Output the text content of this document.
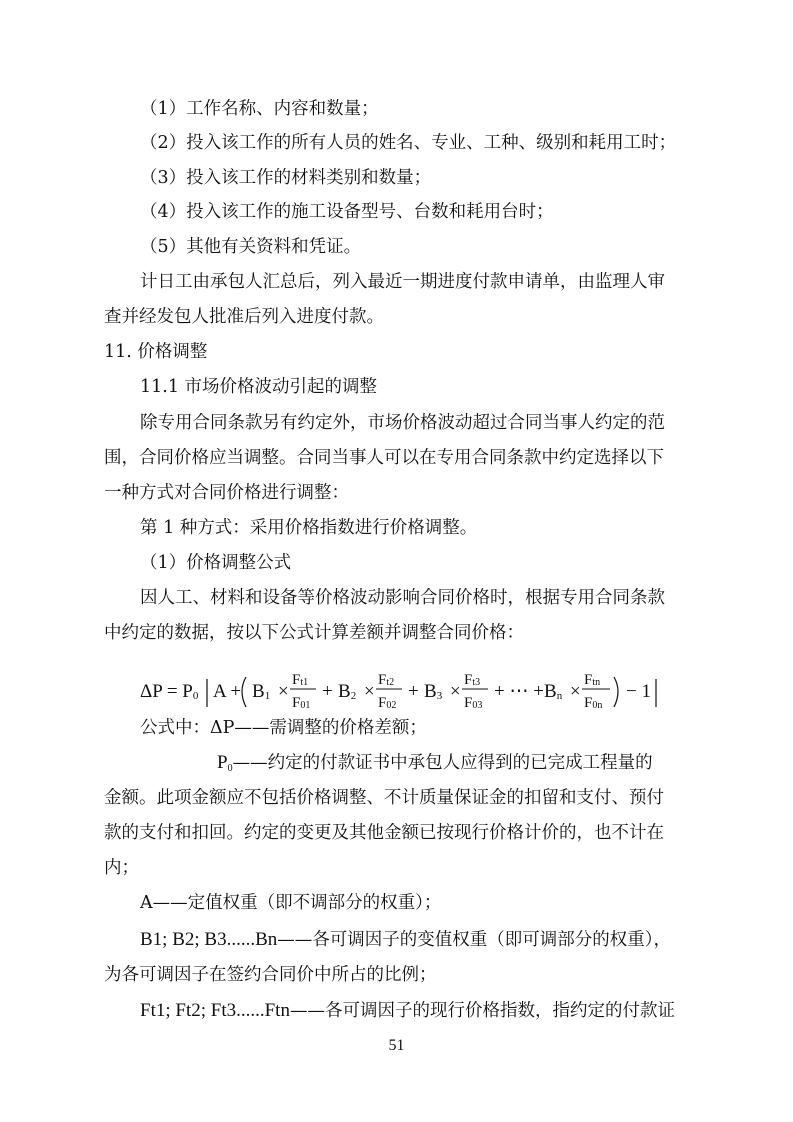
（1）工作名称、内容和数量；
（2）投入该工作的所有人员的姓名、专业、工种、级别和耗用工时；
（3）投入该工作的材料类别和数量；
（4）投入该工作的施工设备型号、台数和耗用台时；
（5）其他有关资料和凭证。
计日工由承包人汇总后，列入最近一期进度付款申请单，由监理人审
查并经发包人批准后列入进度付款。
11. 价格调整
11.1 市场价格波动引起的调整
除专用合同条款另有约定外，市场价格波动超过合同当事人约定的范
围，合同价格应当调整。合同当事人可以在专用合同条款中约定选择以下
一种方式对合同价格进行调整：
第 1 种方式：采用价格指数进行价格调整。
（1）价格调整公式
因人工、材料和设备等价格波动影响合同价格时，根据专用合同条款
中约定的数据，按以下公式计算差额并调整合同价格：
ΔP = P0 A + B1 ×
Ft1
F01
+ B2 ×
Ft2
F02
+ B3 ×
Ft3
F03
+ ⋯ + Bn ×
Ftn
F0n
− 1
公式中：ΔP——需调整的价格差额；
$P_0——$约定的付款证书中承包人应得到的已完成工程量的
金额。此项金额应不包括价格调整、不计质量保证金的扣留和支付、预付
款的支付和扣回。约定的变更及其他金额已按现行价格计价的，也不计在
内；
A——定值权重（即不调部分的权重）；
B1; B2; B3......Bn——各可调因子的变值权重（即可调部分的权重），
为各可调因子在签约合同价中所占的比例；
Ft1; Ft2; Ft3......Ftn——各可调因子的现行价格指数，指约定的付款证
51
